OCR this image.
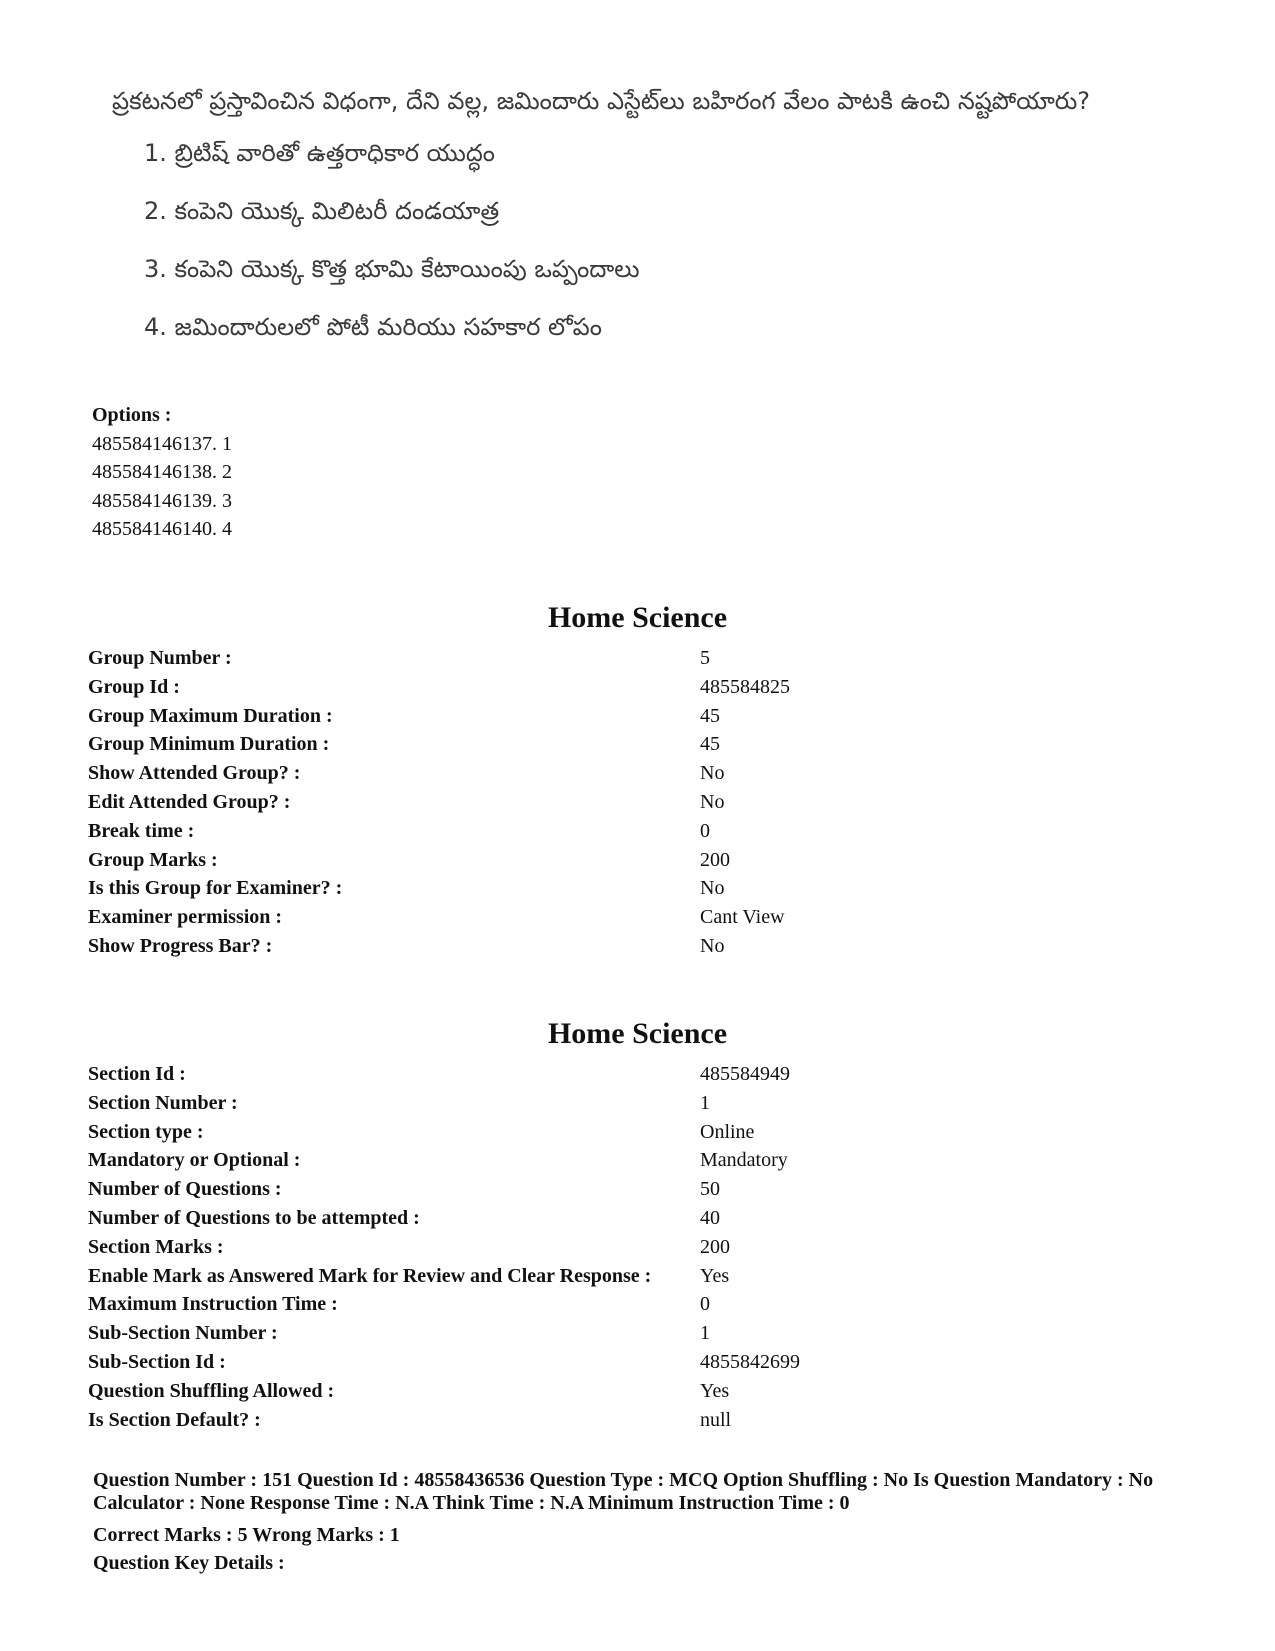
ప్రకటనలో ప్రస్తావించిన విధంగా, దేని వల్ల, జమిందారు ఎస్టేట్‌లు బహిరంగ వేలం పాటకి ఉంచి నష్టపోయారు?

1. బ్రిటిష్ వారితో ఉత్తరాధికార యుద్ధం

2. కంపెని యొక్క మిలిటరీ దండయాత్ర

3. కంపెని యొక్క కొత్త భూమి కేటాయింపు ఒప్పందాలు

4. జమిందారులలో పోటీ మరియు సహకార లోపం

Options :
485584146137. 1
485584146138. 2
485584146139. 3
485584146140. 4
Home Science
Group Number :	5
Group Id :	485584825
Group Maximum Duration :	45
Group Minimum Duration :	45
Show Attended Group? :	No
Edit Attended Group? :	No
Break time :	0
Group Marks :	200
Is this Group for Examiner? :	No
Examiner permission :	Cant View
Show Progress Bar? :	No
Home Science
Section Id :	485584949
Section Number :	1
Section type :	Online
Mandatory or Optional :	Mandatory
Number of Questions :	50
Number of Questions to be attempted :	40
Section Marks :	200
Enable Mark as Answered Mark for Review and Clear Response : Yes
Maximum Instruction Time :	0
Sub-Section Number :	1
Sub-Section Id :	4855842699
Question Shuffling Allowed :	Yes
Is Section Default? :	null

Question Number : 151 Question Id : 48558436536 Question Type : MCQ Option Shuffling : No Is Question Mandatory : No Calculator : None Response Time : N.A Think Time : N.A Minimum Instruction Time : 0

Correct Marks : 5 Wrong Marks : 1

Question Key Details :
